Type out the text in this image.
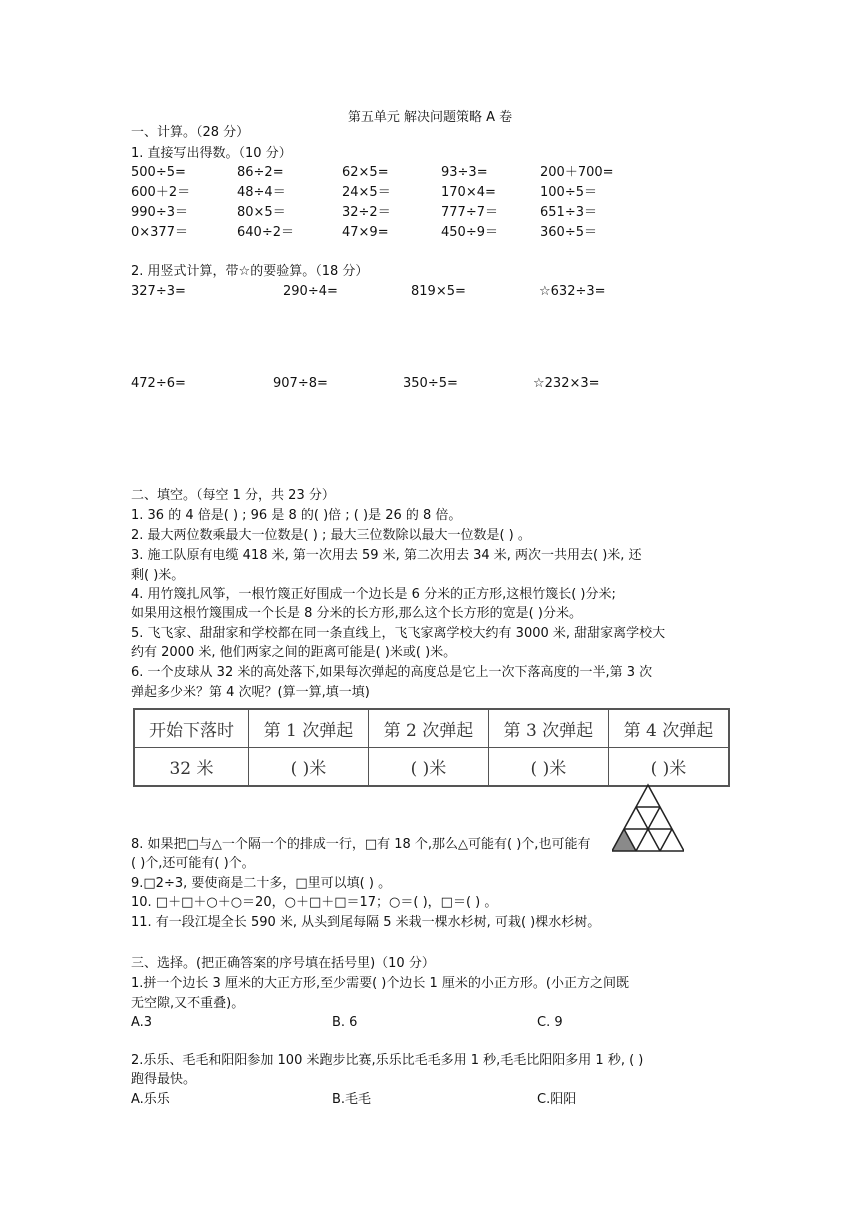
第五单元 解决问题策略 A 卷
一、计算。（28 分）
1. 直接写出得数。（10 分）
500÷5=	86÷2=	62×5=	93÷3=	200＋700=
600＋2＝	48÷4＝	24×5＝	170×4=	100÷5＝
990÷3＝	80×5＝	32÷2＝	777÷7＝	651÷3＝
0×377＝	640÷2＝	47×9=	450÷9＝	360÷5＝
2. 用竖式计算，带☆的要验算。（18 分）
327÷3=	290÷4=	819×5=	☆632÷3=
472÷6=	907÷8=	350÷5=	☆232×3=
二、填空。（每空 1 分，共 23 分）
1. 36 的 4 倍是( ) ; 96 是 8 的( )倍 ; ( )是 26 的 8 倍。
2. 最大两位数乘最大一位数是( ) ; 最大三位数除以最大一位数是( ) 。
3. 施工队原有电缆 418 米, 第一次用去 59 米, 第二次用去 34 米, 两次一共用去( )米, 还
剩( )米。
4. 用竹篾扎风筝，一根竹篾正好围成一个边长是 6 分米的正方形,这根竹篾长( )分米;
如果用这根竹篾围成一个长是 8 分米的长方形,那么这个长方形的宽是( )分米。
5. 飞飞家、甜甜家和学校都在同一条直线上，飞飞家离学校大约有 3000 米, 甜甜家离学校大
约有 2000 米, 他们两家之间的距离可能是( )米或( )米。
6. 一个皮球从 32 米的高处落下,如果每次弹起的高度总是它上一次下落高度的一半,第 3 次
弹起多少米？第 4 次呢？(算一算,填一填)
开始下落时	第 1 次弹起	第 2 次弹起	第 3 次弹起	第 4 次弹起
32 米	( )米	( )米	( )米	( )米
8. 如果把□与△一个隔一个的排成一行，□有 18 个,那么△可能有( )个,也可能有
( )个,还可能有( )个。
9.□2÷3, 要使商是二十多，□里可以填( ) 。
10. □＋□＋○＋○＝20，○＋□＋□＝17；○＝( )，□＝( ) 。
11. 有一段江堤全长 590 米, 从头到尾每隔 5 米栽一棵水杉树, 可栽( )棵水杉树。
三、选择。(把正确答案的序号填在括号里)（10 分）
1.拼一个边长 3 厘米的大正方形,至少需要( )个边长 1 厘米的小正方形。(小正方之间既
无空隙,又不重叠)。
A.3	B. 6	C. 9
2.乐乐、毛毛和阳阳参加 100 米跑步比赛,乐乐比毛毛多用 1 秒,毛毛比阳阳多用 1 秒, ( )
跑得最快。
A.乐乐	B.毛毛	C.阳阳
